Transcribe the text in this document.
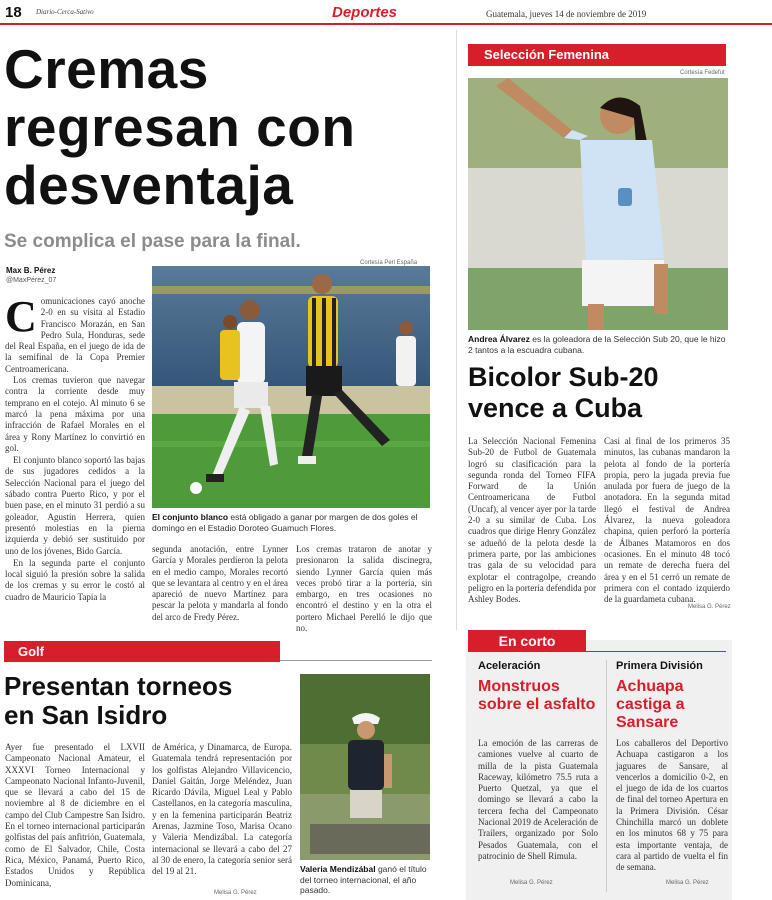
18 Diario-Cerca-Sativo	Deportes	Guatemala, jueves 14 de noviembre de 2019
Cremas
regresan con
desventaja
Se complica el pase para la final.
Max B. Pérez
@MaxPérez_07
C omunicaciones cayó anoche 2-0 en su visita al Estadio Francisco Morazán, en San Pedro Sula, Honduras, sede del Real España, en el juego de ida de la semifinal de la Copa Premier Centroamericana.

Los cremas tuvieron que navegar contra la corriente desde muy temprano en el cotejo. Al minuto 6 se marcó la pena máxima por una infracción de Rafael Morales en el área y Rony Martínez lo convirtió en gol.

El conjunto blanco soportó las bajas de sus jugadores cedidos a la Selección Nacional para el juego del sábado contra Puerto Rico, y por el buen pase, en el minuto 31 perdió a su goleador, Agustín Herrera, quien presentó molestias en la pierna izquierda y debió ser sustituido por uno de los jóvenes, Bido García.

En la segunda parte el conjunto local siguió la presión sobre la salida de los cremas y su error le costó al cuadro de Mauricio Tapia la

Cortesía Peri España
El conjunto blanco está obligado a ganar por margen de dos goles el domingo en el Estadio Doroteo Guamuch Flores.
segunda anotación, entre Lynner García y Morales perdieron la pelota en el medio campo, Morales recortó que se levantara al centro y en el área apareció de nuevo Martínez para pescar la pelota y mandarla al fondo del arco de Fredy Pérez.
Los cremas trataron de anotar y presionaron la salida discinegra, siendo Lynner García quien más veces probó tirar a la portería, sin embargo, en tres ocasiones no encontró el destino y en la otra el portero Michael Perelló le dijo que no.
Selección Femenina
Cortesía Fedefut
Andrea Álvarez es la goleadora de la Selección Sub 20, que le hizo 2 tantos a la escuadra cubana.
Bicolor Sub-20
vence a Cuba
La Selección Nacional Femenina Sub-20 de Futbol de Guatemala logró su clasificación para la segunda ronda del Torneo FIFA Forward de la Unión Centroamericana de Futbol (Uncaf), al vencer ayer por la tarde 2-0 a su similar de Cuba. Los cuadros que dirige Henry González se adueñó de la pelota desde la primera parte, por las ambiciones tras gala de su velocidad para explotar el contragolpe, creando peligro en la portería defendida por Ashley Bodes.
Casi al final de los primeros 35 minutos, las cubanas mandaron la pelota al fondo de la portería propia, pero la jugada previa fue anulada por fuera de juego de la anotadora. En la segunda mitad llegó el festival de Andrea Álvarez, la nueva goleadora chapina, quien perforó la portería de Álbanes Matamoros en dos ocasiones. En el minuto 48 tocó un remate de derecha fuera del área y en el 51 cerró un remate de primera con el contado izquierdo de la guardameta cubana.
Melisa G. Pérez
Golf
Presentan torneos
en San Isidro
Ayer fue presentado el LXVII Campeonato Nacional Amateur, el XXXVI Torneo Internacional y Campeonato Nacional Infanto-Juvenil, que se llevará a cabo del 15 de noviembre al 8 de diciembre en el campo del Club Campestre San Isidro. En el torneo internacional participarán golfistas del país anfitrión, Guatemala, como de El Salvador, Chile, Costa Rica, México, Panamá, Puerto Rico, Estados Unidos y República Dominicana,
de América, y Dinamarca, de Europa. Guatemala tendrá representación por los golfistas Alejandro Villavicencio, Daniel Gaitán, Jorge Meléndez, Juan Ricardo Dávila, Miguel Leal y Pablo Castellanos, en la categoría masculina, y en la femenina participarán Beatriz Arenas, Jazmine Toso, Marisa Ocano y Valeria Mendizábal. La categoría internacional se llevará a cabo del 27 al 30 de enero, la categoría senior será del 19 al 21.
Melisa G. Pérez
Valeria Mendizábal ganó el título del torneo internacional, el año pasado.
En corto
Aceleración
Monstruos sobre el asfalto
La emoción de las carreras de camiones vuelve al cuarto de milla de la pista Guatemala Raceway, kilómetro 75.5 ruta a Puerto Quetzal, ya que el domingo se llevará a cabo la tercera fecha del Campeonato Nacional 2019 de Aceleración de Trailers, organizado por Solo Pesados Guatemala, con el patrocinio de Shell Rimula.
Melisa G. Pérez
Primera División
Achuapa castiga a Sansare
Los caballeros del Deportivo Achuapa castigaron a los jaguares de Sansare, al vencerlos a domicilio 0-2, en el juego de ida de los cuartos de final del torneo Apertura en la Primera División. César Chinchilla marcó un doblete en los minutos 68 y 75 para esta importante ventaja, de cara al partido de vuelta el fin de semana.
Melisa G. Pérez
